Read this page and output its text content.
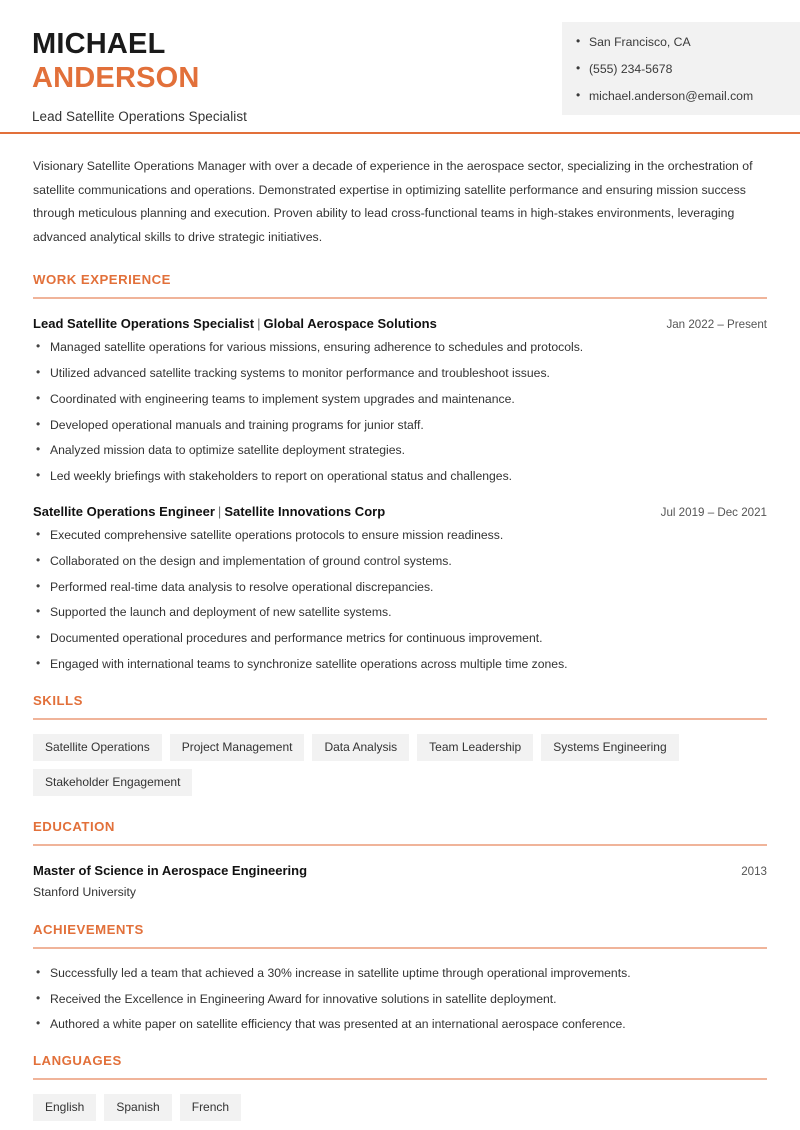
MICHAEL
ANDERSON
Lead Satellite Operations Specialist
• San Francisco, CA
• (555) 234-5678
• michael.anderson@email.com

Visionary Satellite Operations Manager with over a decade of experience in the aerospace sector, specializing in the orchestration of satellite communications and operations. Demonstrated expertise in optimizing satellite performance and ensuring mission success through meticulous planning and execution. Proven ability to lead cross-functional teams in high-stakes environments, leveraging advanced analytical skills to drive strategic initiatives.

WORK EXPERIENCE
Lead Satellite Operations Specialist | Global Aerospace Solutions	Jan 2022 – Present
• Managed satellite operations for various missions, ensuring adherence to schedules and protocols.
• Utilized advanced satellite tracking systems to monitor performance and troubleshoot issues.
• Coordinated with engineering teams to implement system upgrades and maintenance.
• Developed operational manuals and training programs for junior staff.
• Analyzed mission data to optimize satellite deployment strategies.
• Led weekly briefings with stakeholders to report on operational status and challenges.
Satellite Operations Engineer | Satellite Innovations Corp	Jul 2019 – Dec 2021
• Executed comprehensive satellite operations protocols to ensure mission readiness.
• Collaborated on the design and implementation of ground control systems.
• Performed real-time data analysis to resolve operational discrepancies.
• Supported the launch and deployment of new satellite systems.
• Documented operational procedures and performance metrics for continuous improvement.
• Engaged with international teams to synchronize satellite operations across multiple time zones.
SKILLS
Satellite Operations	Project Management	Data Analysis	Team Leadership	Systems Engineering
Stakeholder Engagement
EDUCATION
Master of Science in Aerospace Engineering	2013
Stanford University
ACHIEVEMENTS
• Successfully led a team that achieved a 30% increase in satellite uptime through operational improvements.
• Received the Excellence in Engineering Award for innovative solutions in satellite deployment.
• Authored a white paper on satellite efficiency that was presented at an international aerospace conference.
LANGUAGES
English	Spanish	French
